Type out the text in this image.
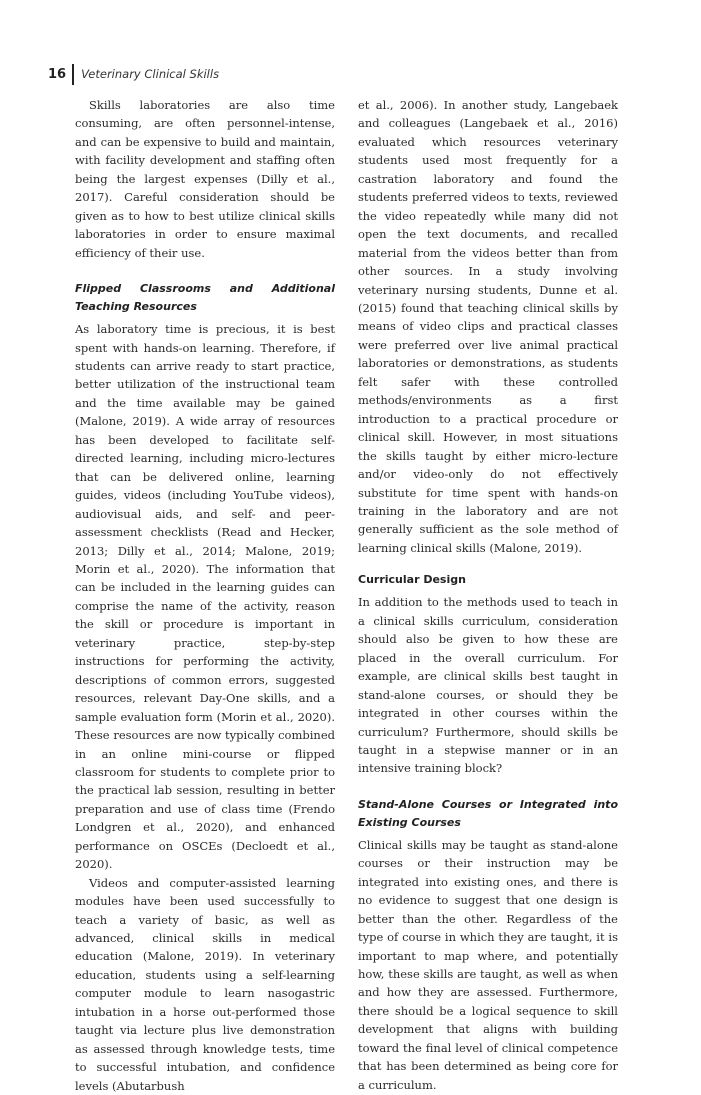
16 Veterinary Clinical Skills

Skills laboratories are also time consuming, are often personnel-intense, and can be expensive to build and maintain, with facility development and staffing often being the largest expenses (Dilly et al., 2017). Careful consideration should be given as to how to best utilize clinical skills laboratories in order to ensure maximal efficiency of their use.

Flipped Classrooms and Additional Teaching Resources

As laboratory time is precious, it is best spent with hands-on learning. Therefore, if students can arrive ready to start practice, better utilization of the instructional team and the time available may be gained (Malone, 2019). A wide array of resources has been developed to facilitate self-directed learning, including micro-lectures that can be delivered online, learning guides, videos (including YouTube videos), audiovisual aids, and self- and peer-assessment checklists (Read and Hecker, 2013; Dilly et al., 2014; Malone, 2019; Morin et al., 2020). The information that can be included in the learning guides can comprise the name of the activity, reason the skill or procedure is important in veterinary practice, step-by-step instructions for performing the activity, descriptions of common errors, suggested resources, relevant Day-One skills, and a sample evaluation form (Morin et al., 2020). These resources are now typically combined in an online mini-course or flipped classroom for students to complete prior to the practical lab session, resulting in better preparation and use of class time (Frendo Londgren et al., 2020), and enhanced performance on OSCEs (Decloedt et al., 2020).

Videos and computer-assisted learning modules have been used successfully to teach a variety of basic, as well as advanced, clinical skills in medical education (Malone, 2019). In veterinary education, students using a self-learning computer module to learn nasogastric intubation in a horse out-performed those taught via lecture plus live demonstration as assessed through knowledge tests, time to successful intubation, and confidence levels (Abutarbush

et al., 2006). In another study, Langebaek and colleagues (Langebaek et al., 2016) evaluated which resources veterinary students used most frequently for a castration laboratory and found the students preferred videos to texts, reviewed the video repeatedly while many did not open the text documents, and recalled material from the videos better than from other sources. In a study involving veterinary nursing students, Dunne et al. (2015) found that teaching clinical skills by means of video clips and practical classes were preferred over live animal practical laboratories or demonstrations, as students felt safer with these controlled methods/environments as a first introduction to a practical procedure or clinical skill. However, in most situations the skills taught by either micro-lecture and/or video-only do not effectively substitute for time spent with hands-on training in the laboratory and are not generally sufficient as the sole method of learning clinical skills (Malone, 2019).

Curricular Design

In addition to the methods used to teach in a clinical skills curriculum, consideration should also be given to how these are placed in the overall curriculum. For example, are clinical skills best taught in stand-alone courses, or should they be integrated in other courses within the curriculum? Furthermore, should skills be taught in a stepwise manner or in an intensive training block?

Stand-Alone Courses or Integrated into Existing Courses

Clinical skills may be taught as stand-alone courses or their instruction may be integrated into existing ones, and there is no evidence to suggest that one design is better than the other. Regardless of the type of course in which they are taught, it is important to map where, and potentially how, these skills are taught, as well as when and how they are assessed. Furthermore, there should be a logical sequence to skill development that aligns with building toward the final level of clinical competence that has been determined as being core for a curriculum.
